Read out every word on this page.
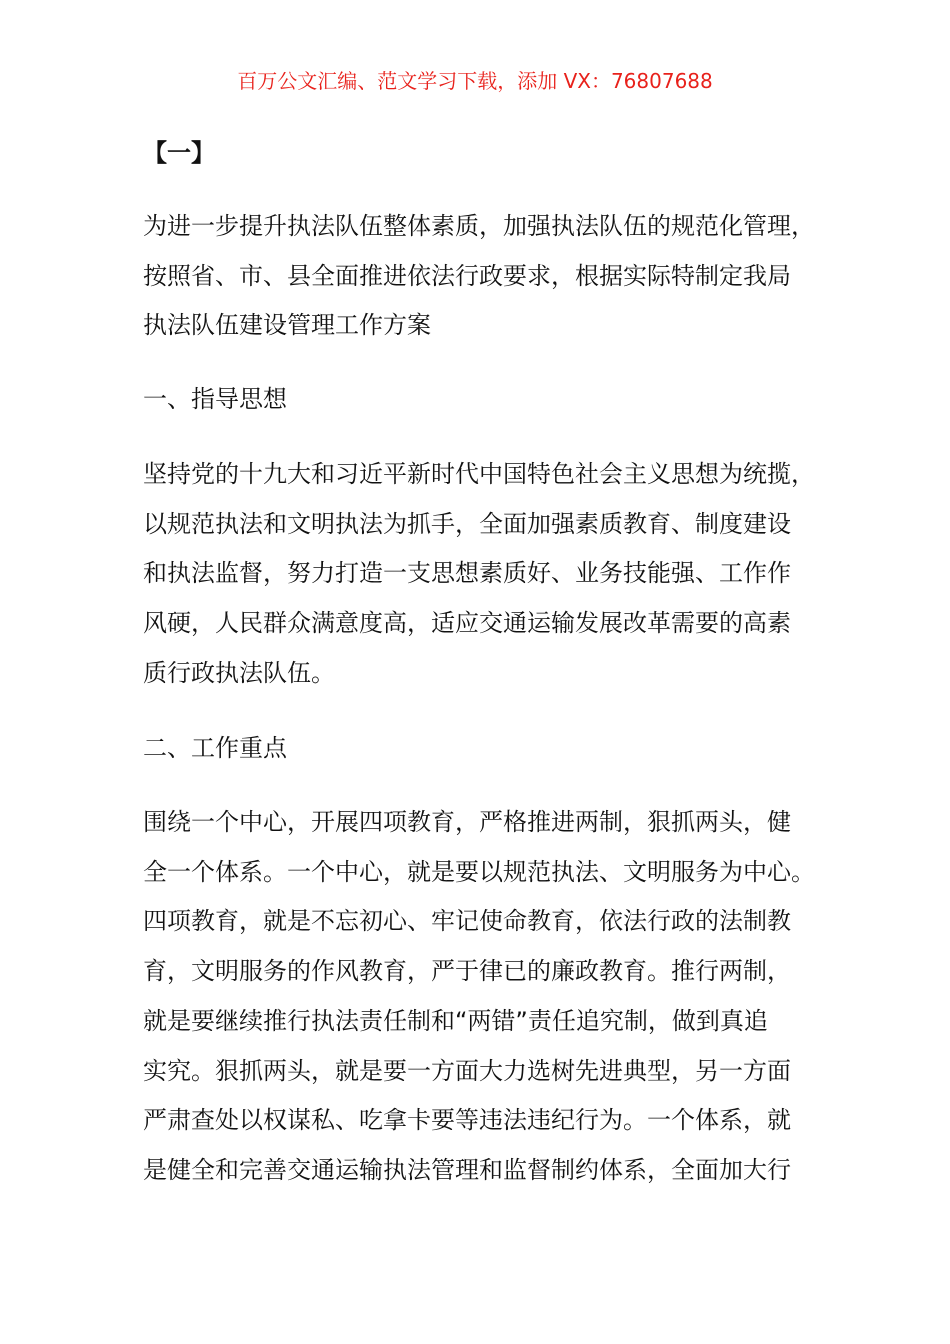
百万公文汇编、范文学习下载，添加 VX：76807688
【一】

为进一步提升执法队伍整体素质，加强执法队伍的规范化管理，
按照省、市、县全面推进依法行政要求，根据实际特制定我局
执法队伍建设管理工作方案

一、指导思想

坚持党的十九大和习近平新时代中国特色社会主义思想为统揽，
以规范执法和文明执法为抓手，全面加强素质教育、制度建设
和执法监督，努力打造一支思想素质好、业务技能强、工作作
风硬，人民群众满意度高，适应交通运输发展改革需要的高素
质行政执法队伍。

二、工作重点

围绕一个中心，开展四项教育，严格推进两制，狠抓两头，健
全一个体系。一个中心，就是要以规范执法、文明服务为中心。
四项教育，就是不忘初心、牢记使命教育，依法行政的法制教
育，文明服务的作风教育，严于律已的廉政教育。推行两制，
就是要继续推行执法责任制和“两错”责任追究制，做到真追
实究。狠抓两头，就是要一方面大力选树先进典型，另一方面
严肃查处以权谋私、吃拿卡要等违法违纪行为。一个体系，就
是健全和完善交通运输执法管理和监督制约体系，全面加大行
